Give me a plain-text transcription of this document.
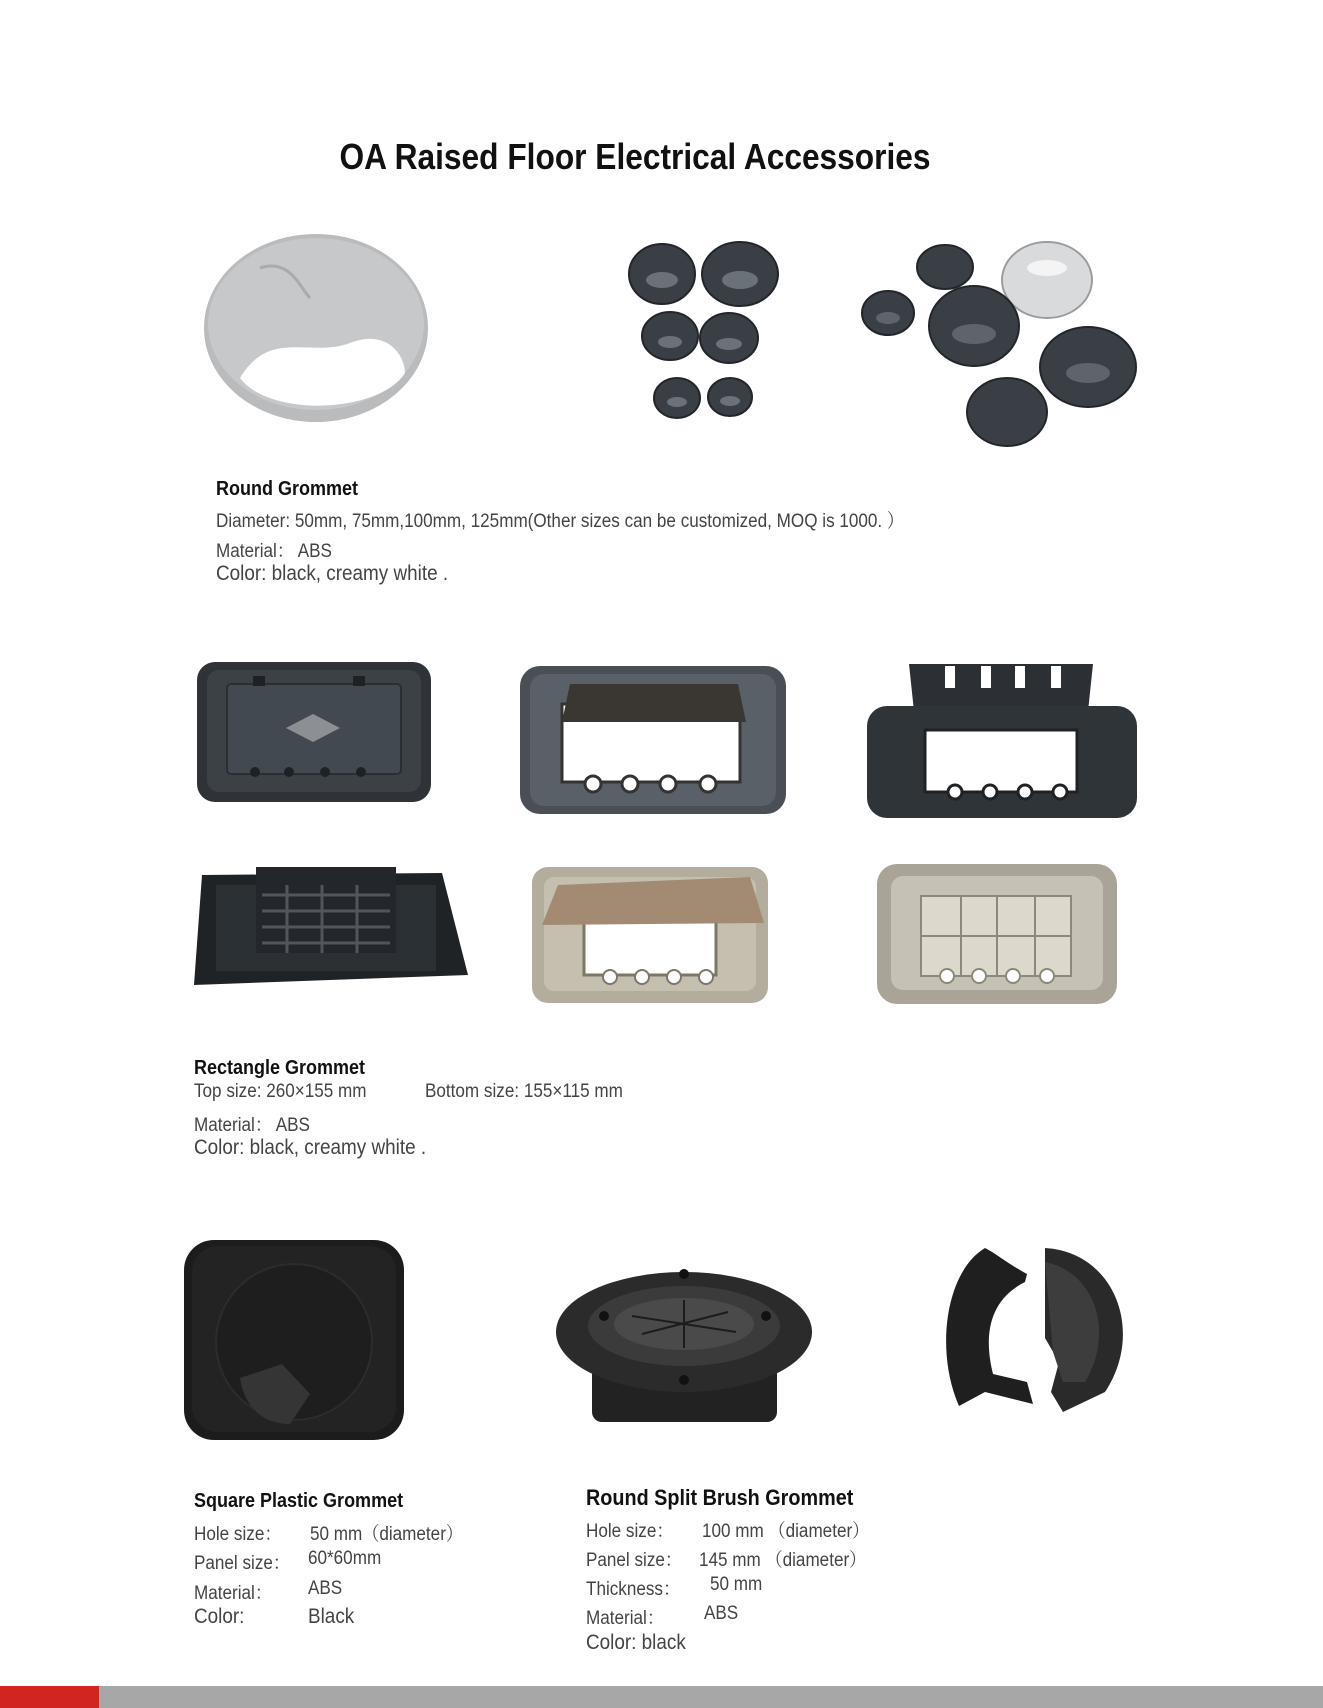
OA Raised Floor Electrical Accessories
Round Grommet
Diameter: 50mm, 75mm,100mm, 125mm(Other sizes can be customized, MOQ is 1000. ）
Material： ABS
Color: black, creamy white .
Rectangle Grommet
Top size: 260×155 mm	Bottom size: 155×115 mm
Material： ABS
Color: black, creamy white .
Square Plastic Grommet
Hole size： 50 mm（diameter）
Panel size： 60*60mm
Material： ABS
Color:	Black
Round Split Brush Grommet
Hole size： 100 mm （diameter）
Panel size： 145 mm （diameter）
Thickness： 50 mm
Material： ABS
Color: black
